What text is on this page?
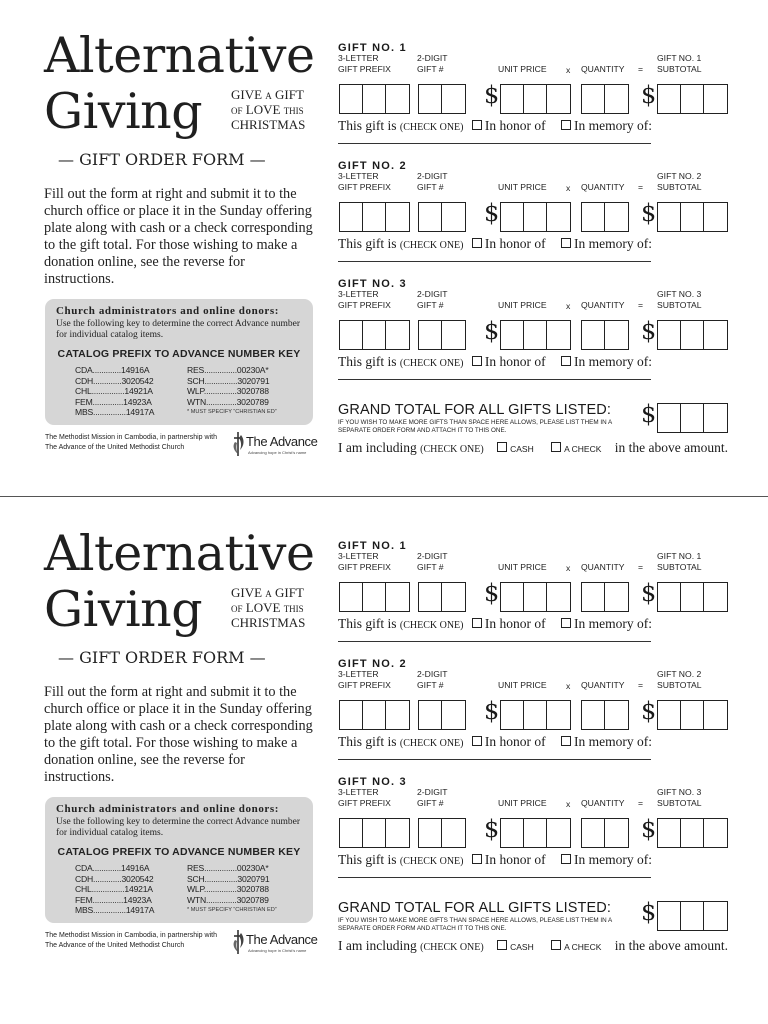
Alternative
Giving GIVE A GIFT
OF LOVE THIS
CHRISTMAS
— GIFT ORDER FORM —
Fill out the form at right and submit it to the church office or place it in the Sunday offering plate along with cash or a check corresponding to the gift total. For those wishing to make a donation online, see the reverse for instructions.
Church administrators and online donors:
Use the following key to determine the correct Advance number for individual catalog items.
CATALOG PREFIX TO ADVANCE NUMBER KEY
CDA.............14916A
CDH.............3020542
CHL...............14921A
FEM..............14923A
MBS...............14917A
RES...............00230A*
SCH...............3020791
WLP...............3020788
WTN..............3020789
* MUST SPECIFY “CHRISTIAN ED”
The Methodist Mission in Cambodia, in partnership with The Advance of the United Methodist Church	The Advance
Advancing hope in Christ’s name
GIFT NO. 1
3-LETTER
GIFT PREFIX
2-DIGIT
GIFT #	UNIT PRICE x QUANTITY =
GIFT NO. 1
SUBTOTAL
$	$
This gift is (CHECK ONE) In honor of In memory of:
GIFT NO. 2
3-LETTER
GIFT PREFIX
2-DIGIT
GIFT #	UNIT PRICE x QUANTITY =
GIFT NO. 2
SUBTOTAL
$	$
This gift is (CHECK ONE) In honor of In memory of:
GIFT NO. 3
3-LETTER
GIFT PREFIX
2-DIGIT
GIFT #	UNIT PRICE x QUANTITY =
GIFT NO. 3
SUBTOTAL
$	$
This gift is (CHECK ONE) In honor of In memory of:
GRAND TOTAL FOR ALL GIFTS LISTED:
IF YOU WISH TO MAKE MORE GIFTS THAN SPACE HERE ALLOWS, PLEASE LIST THEM IN A SEPARATE ORDER FORM AND ATTACH IT TO THIS ONE.
$
I am including (CHECK ONE)	CASH	A CHECK in the above amount.
Alternative
Giving GIVE A GIFT
OF LOVE THIS
CHRISTMAS
— GIFT ORDER FORM —
Fill out the form at right and submit it to the church office or place it in the Sunday offering plate along with cash or a check corresponding to the gift total. For those wishing to make a donation online, see the reverse for instructions.
Church administrators and online donors:
Use the following key to determine the correct Advance number for individual catalog items.
CATALOG PREFIX TO ADVANCE NUMBER KEY
CDA.............14916A
CDH.............3020542
CHL...............14921A
FEM..............14923A
MBS...............14917A
RES...............00230A*
SCH...............3020791
WLP...............3020788
WTN..............3020789
* MUST SPECIFY “CHRISTIAN ED”
The Methodist Mission in Cambodia, in partnership with The Advance of the United Methodist Church	The Advance
Advancing hope in Christ’s name
GIFT NO. 1
3-LETTER
GIFT PREFIX
2-DIGIT
GIFT #	UNIT PRICE x QUANTITY =
GIFT NO. 1
SUBTOTAL
$	$
This gift is (CHECK ONE) In honor of In memory of:
GIFT NO. 2
3-LETTER
GIFT PREFIX
2-DIGIT
GIFT #	UNIT PRICE x QUANTITY =
GIFT NO. 2
SUBTOTAL
$	$
This gift is (CHECK ONE) In honor of In memory of:
GIFT NO. 3
3-LETTER
GIFT PREFIX
2-DIGIT
GIFT #	UNIT PRICE x QUANTITY =
GIFT NO. 3
SUBTOTAL
$	$
This gift is (CHECK ONE) In honor of In memory of:
GRAND TOTAL FOR ALL GIFTS LISTED:
IF YOU WISH TO MAKE MORE GIFTS THAN SPACE HERE ALLOWS, PLEASE LIST THEM IN A SEPARATE ORDER FORM AND ATTACH IT TO THIS ONE.
$
I am including (CHECK ONE)	CASH	A CHECK in the above amount.
